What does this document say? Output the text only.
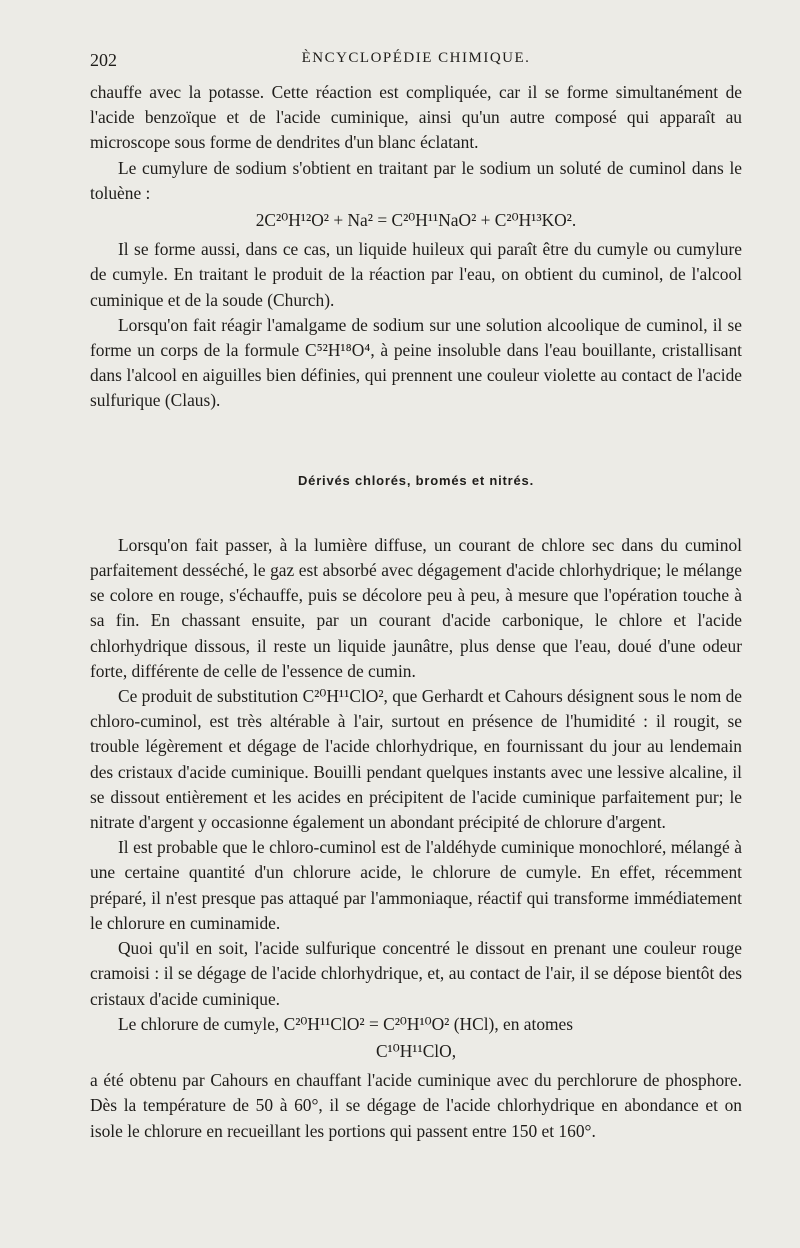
202	ÈNCYCLOPÉDIE CHIMIQUE.

chauffe avec la potasse. Cette réaction est compliquée, car il se forme simultanément de l'acide benzoïque et de l'acide cuminique, ainsi qu'un autre composé qui apparaît au microscope sous forme de dendrites d'un blanc éclatant.

Le cumylure de sodium s'obtient en traitant par le sodium un soluté de cuminol dans le toluène :

2C²⁰H¹²O² + Na² = C²⁰H¹¹NaO² + C²⁰H¹³KO².

Il se forme aussi, dans ce cas, un liquide huileux qui paraît être du cumyle ou cumylure de cumyle. En traitant le produit de la réaction par l'eau, on obtient du cuminol, de l'alcool cuminique et de la soude (Church).

Lorsqu'on fait réagir l'amalgame de sodium sur une solution alcoolique de cuminol, il se forme un corps de la formule C⁵²H¹⁸O⁴, à peine insoluble dans l'eau bouillante, cristallisant dans l'alcool en aiguilles bien définies, qui prennent une couleur violette au contact de l'acide sulfurique (Claus).

Dérivés chlorés, bromés et nitrés.

Lorsqu'on fait passer, à la lumière diffuse, un courant de chlore sec dans du cuminol parfaitement desséché, le gaz est absorbé avec dégagement d'acide chlorhydrique; le mélange se colore en rouge, s'échauffe, puis se décolore peu à peu, à mesure que l'opération touche à sa fin. En chassant ensuite, par un courant d'acide carbonique, le chlore et l'acide chlorhydrique dissous, il reste un liquide jaunâtre, plus dense que l'eau, doué d'une odeur forte, différente de celle de l'essence de cumin.

Ce produit de substitution C²⁰H¹¹ClO², que Gerhardt et Cahours désignent sous le nom de chloro-cuminol, est très altérable à l'air, surtout en présence de l'humidité : il rougit, se trouble légèrement et dégage de l'acide chlorhydrique, en fournissant du jour au lendemain des cristaux d'acide cuminique. Bouilli pendant quelques instants avec une lessive alcaline, il se dissout entièrement et les acides en précipitent de l'acide cuminique parfaitement pur; le nitrate d'argent y occasionne également un abondant précipité de chlorure d'argent.

Il est probable que le chloro-cuminol est de l'aldéhyde cuminique monochloré, mélangé à une certaine quantité d'un chlorure acide, le chlorure de cumyle. En effet, récemment préparé, il n'est presque pas attaqué par l'ammoniaque, réactif qui transforme immédiatement le chlorure en cuminamide.

Quoi qu'il en soit, l'acide sulfurique concentré le dissout en prenant une couleur rouge cramoisi : il se dégage de l'acide chlorhydrique, et, au contact de l'air, il se dépose bientôt des cristaux d'acide cuminique.

Le chlorure de cumyle, C²⁰H¹¹ClO² = C²⁰H¹⁰O² (HCl), en atomes

C¹⁰H¹¹ClO,

a été obtenu par Cahours en chauffant l'acide cuminique avec du perchlorure de phosphore. Dès la température de 50 à 60°, il se dégage de l'acide chlorhydrique en abondance et on isole le chlorure en recueillant les portions qui passent entre 150 et 160°.
